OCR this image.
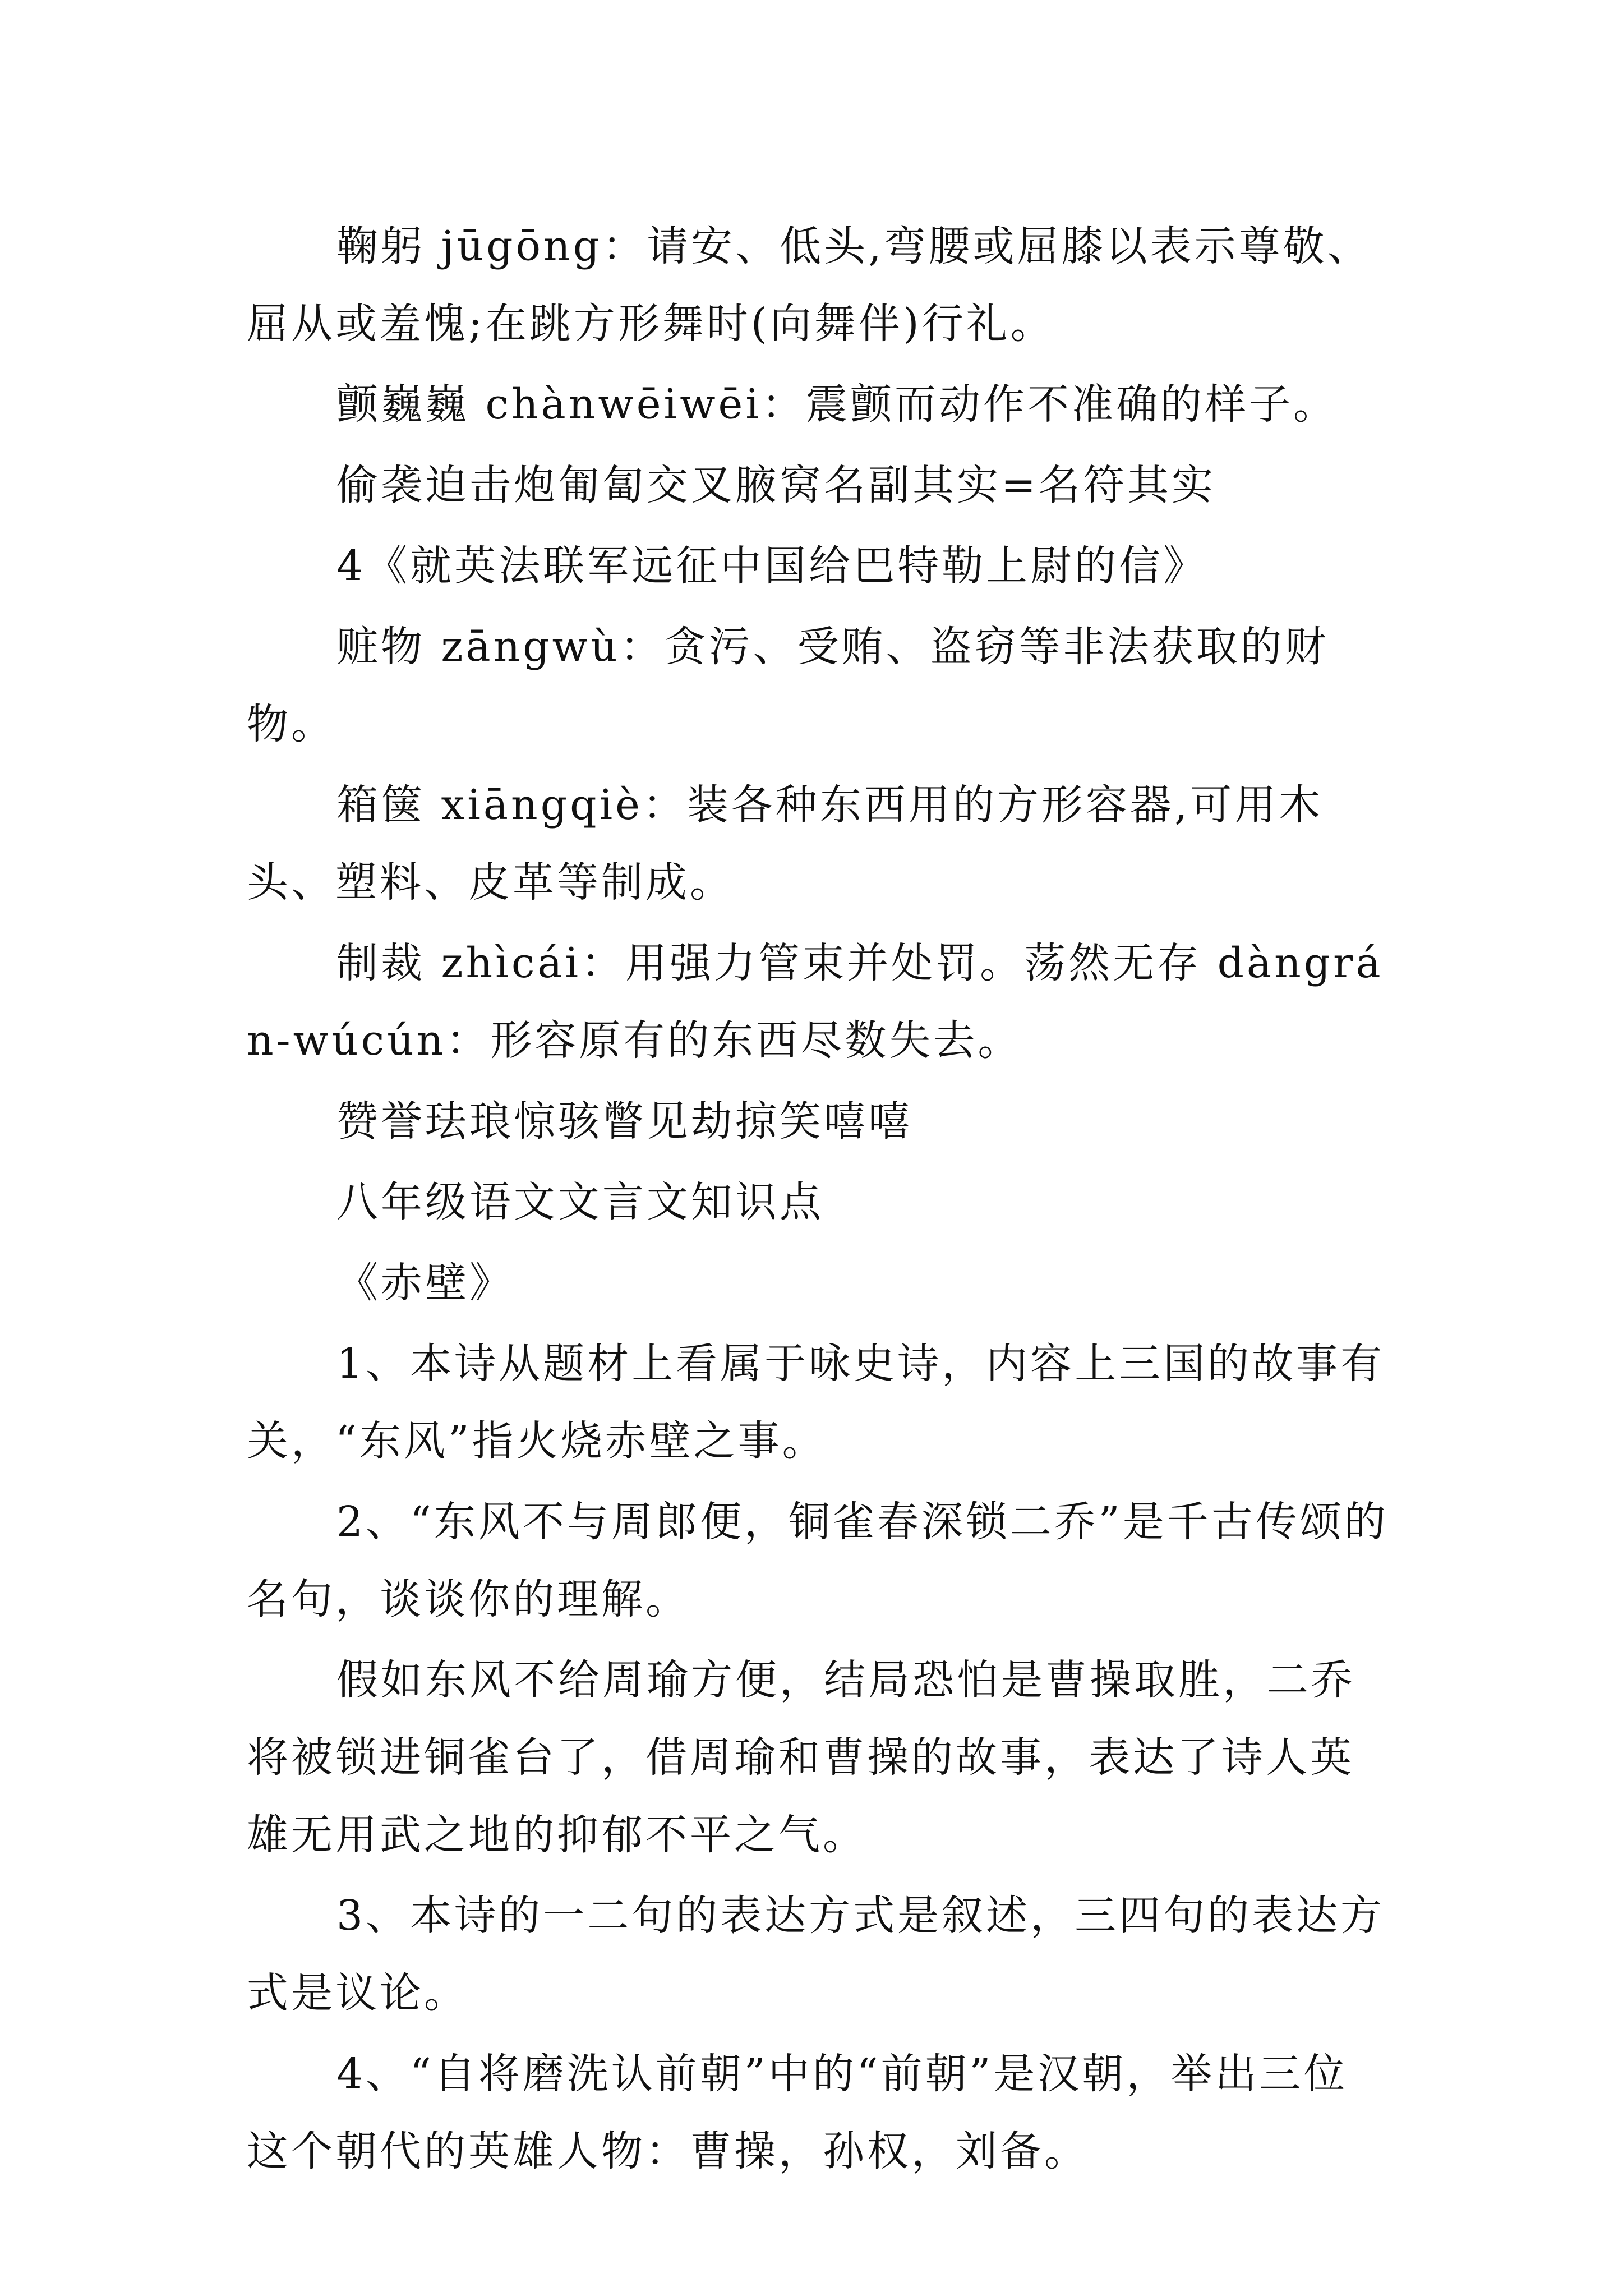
鞠躬 jūgōng：请安、低头,弯腰或屈膝以表示尊敬、屈从或羞愧;在跳方形舞时(向舞伴)行礼。

颤巍巍 chànwēiwēi：震颤而动作不准确的样子。

偷袭迫击炮匍匐交叉腋窝名副其实=名符其实

4《就英法联军远征中国给巴特勒上尉的信》

赃物 zāngwù：贪污、受贿、盗窃等非法获取的财物。

箱箧 xiāngqiè：装各种东西用的方形容器,可用木头、塑料、皮革等制成。

制裁 zhìcái：用强力管束并处罚。荡然无存 dàngrán-wúcún：形容原有的东西尽数失去。

赞誉珐琅惊骇瞥见劫掠笑嘻嘻

八年级语文文言文知识点

《赤壁》

1、本诗从题材上看属于咏史诗，内容上三国的故事有关，“东风”指火烧赤壁之事。

2、“东风不与周郎便，铜雀春深锁二乔”是千古传颂的名句，谈谈你的理解。

假如东风不给周瑜方便，结局恐怕是曹操取胜，二乔将被锁进铜雀台了，借周瑜和曹操的故事，表达了诗人英雄无用武之地的抑郁不平之气。

3、本诗的一二句的表达方式是叙述，三四句的表达方式是议论。

4、“自将磨洗认前朝”中的“前朝”是汉朝，举出三位这个朝代的英雄人物：曹操，孙权，刘备。
